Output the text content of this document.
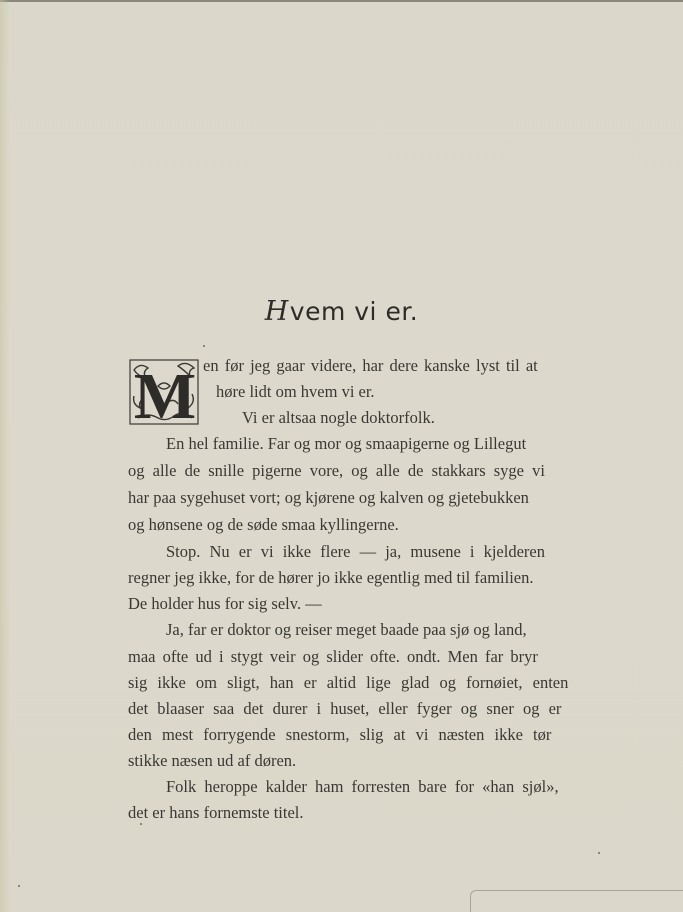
Hvem vi er.
M en før jeg gaar videre, har dere kanske lyst til at
høre lidt om hvem vi er.
Vi er altsaa nogle doktorfolk.
En hel familie. Far og mor og smaapigerne og Lillegut
og alle de snille pigerne vore, og alle de stakkars syge vi
har paa sygehuset vort; og kjørene og kalven og gjetebukken
og hønsene og de søde smaa kyllingerne.
Stop. Nu er vi ikke flere — ja, musene i kjelderen
regner jeg ikke, for de hører jo ikke egentlig med til familien.
De holder hus for sig selv. —
Ja, far er doktor og reiser meget baade paa sjø og land,
maa ofte ud i stygt veir og slider ofte. ondt. Men far bryr
sig ikke om sligt, han er altid lige glad og fornøiet, enten
det blaaser saa det durer i huset, eller fyger og sner og er
den mest forrygende snestorm, slig at vi næsten ikke tør
stikke næsen ud af døren.
Folk heroppe kalder ham forresten bare for «han sjøl»,
det er hans fornemste titel.
